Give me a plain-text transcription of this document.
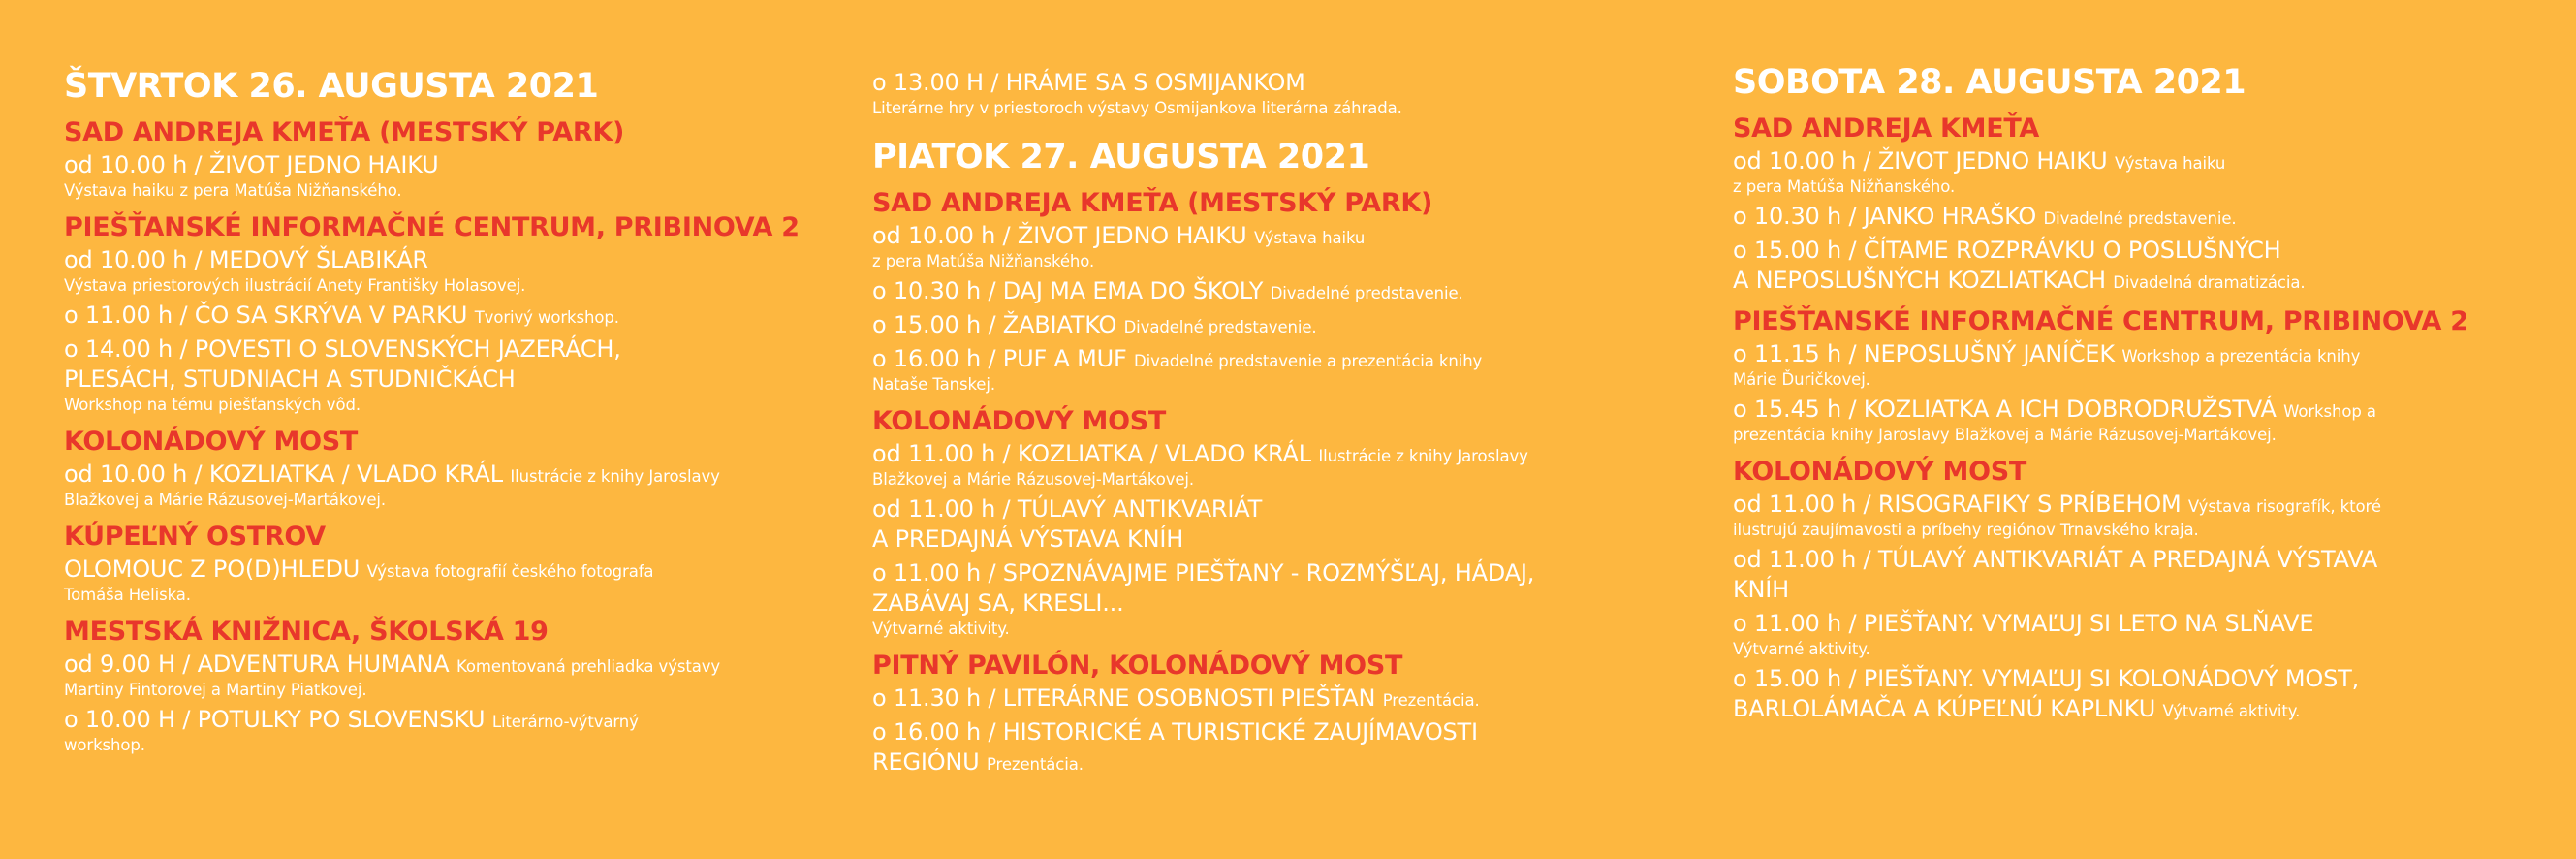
ŠTVRTOK 26. AUGUSTA 2021
SAD ANDREJA KMEŤA (MESTSKÝ PARK)
od 10.00 h / ŽIVOT JEDNO HAIKU
Výstava haiku z pera Matúša Nižňanského.
PIEŠŤANSKÉ INFORMAČNÉ CENTRUM, PRIBINOVA 2
od 10.00 h / MEDOVÝ ŠLABIKÁR
Výstava priestorových ilustrácií Anety Františky Holasovej.
o 11.00 h / ČO SA SKRÝVA V PARKU Tvorivý workshop.
o 14.00 h / POVESTI O SLOVENSKÝCH JAZERÁCH,
PLESÁCH, STUDNIACH A STUDNIČKÁCH
Workshop na tému piešťanských vôd.
KOLONÁDOVÝ MOST
od 10.00 h / KOZLIATKA / VLADO KRÁL Ilustrácie z knihy Jaroslavy
Blažkovej a Márie Rázusovej-Martákovej.
KÚPEĽNÝ OSTROV
OLOMOUC Z PO(D)HLEDU Výstava fotografií českého fotografa
Tomáša Heliska.
MESTSKÁ KNIŽNICA, ŠKOLSKÁ 19
od 9.00 H / ADVENTURA HUMANA Komentovaná prehliadka výstavy
Martiny Fintorovej a Martiny Piatkovej.
o 10.00 H / POTULKY PO SLOVENSKU Literárno-výtvarný
workshop.
o 13.00 H / HRÁME SA S OSMIJANKOM
Literárne hry v priestoroch výstavy Osmijankova literárna záhrada.
PIATOK 27. AUGUSTA 2021
SAD ANDREJA KMEŤA (MESTSKÝ PARK)
od 10.00 h / ŽIVOT JEDNO HAIKU Výstava haiku
z pera Matúša Nižňanského.
o 10.30 h / DAJ MA EMA DO ŠKOLY Divadelné predstavenie.
o 15.00 h / ŽABIATKO Divadelné predstavenie.
o 16.00 h / PUF A MUF Divadelné predstavenie a prezentácia knihy
Nataše Tanskej.
KOLONÁDOVÝ MOST
od 11.00 h / KOZLIATKA / VLADO KRÁL Ilustrácie z knihy Jaroslavy
Blažkovej a Márie Rázusovej-Martákovej.
od 11.00 h / TÚLAVÝ ANTIKVARIÁT
A PREDAJNÁ VÝSTAVA KNÍH
o 11.00 h / SPOZNÁVAJME PIEŠŤANY - ROZMÝŠĽAJ, HÁDAJ,
ZABÁVAJ SA, KRESLI...
Výtvarné aktivity.
PITNÝ PAVILÓN, KOLONÁDOVÝ MOST
o 11.30 h / LITERÁRNE OSOBNOSTI PIEŠŤAN Prezentácia.
o 16.00 h / HISTORICKÉ A TURISTICKÉ ZAUJÍMAVOSTI
REGIÓNU Prezentácia.
SOBOTA 28. AUGUSTA 2021
SAD ANDREJA KMEŤA
od 10.00 h / ŽIVOT JEDNO HAIKU Výstava haiku
z pera Matúša Nižňanského.
o 10.30 h / JANKO HRAŠKO Divadelné predstavenie.
o 15.00 h / ČÍTAME ROZPRÁVKU O POSLUŠNÝCH
A NEPOSLUŠNÝCH KOZLIATKACH Divadelná dramatizácia.
PIEŠŤANSKÉ INFORMAČNÉ CENTRUM, PRIBINOVA 2
o 11.15 h / NEPOSLUŠNÝ JANÍČEK Workshop a prezentácia knihy
Márie Ďuričkovej.
o 15.45 h / KOZLIATKA A ICH DOBRODRUŽSTVÁ Workshop a
prezentácia knihy Jaroslavy Blažkovej a Márie Rázusovej-Martákovej.
KOLONÁDOVÝ MOST
od 11.00 h / RISOGRAFIKY S PRÍBEHOM Výstava risografík, ktoré
ilustrujú zaujímavosti a príbehy regiónov Trnavského kraja.
od 11.00 h / TÚLAVÝ ANTIKVARIÁT A PREDAJNÁ VÝSTAVA
KNÍH
o 11.00 h / PIEŠŤANY. VYMAĽUJ SI LETO NA SLŇAVE
Výtvarné aktivity.
o 15.00 h / PIEŠŤANY. VYMAĽUJ SI KOLONÁDOVÝ MOST,
BARLOLÁMAČA A KÚPEĽNÚ KAPLNKU Výtvarné aktivity.
